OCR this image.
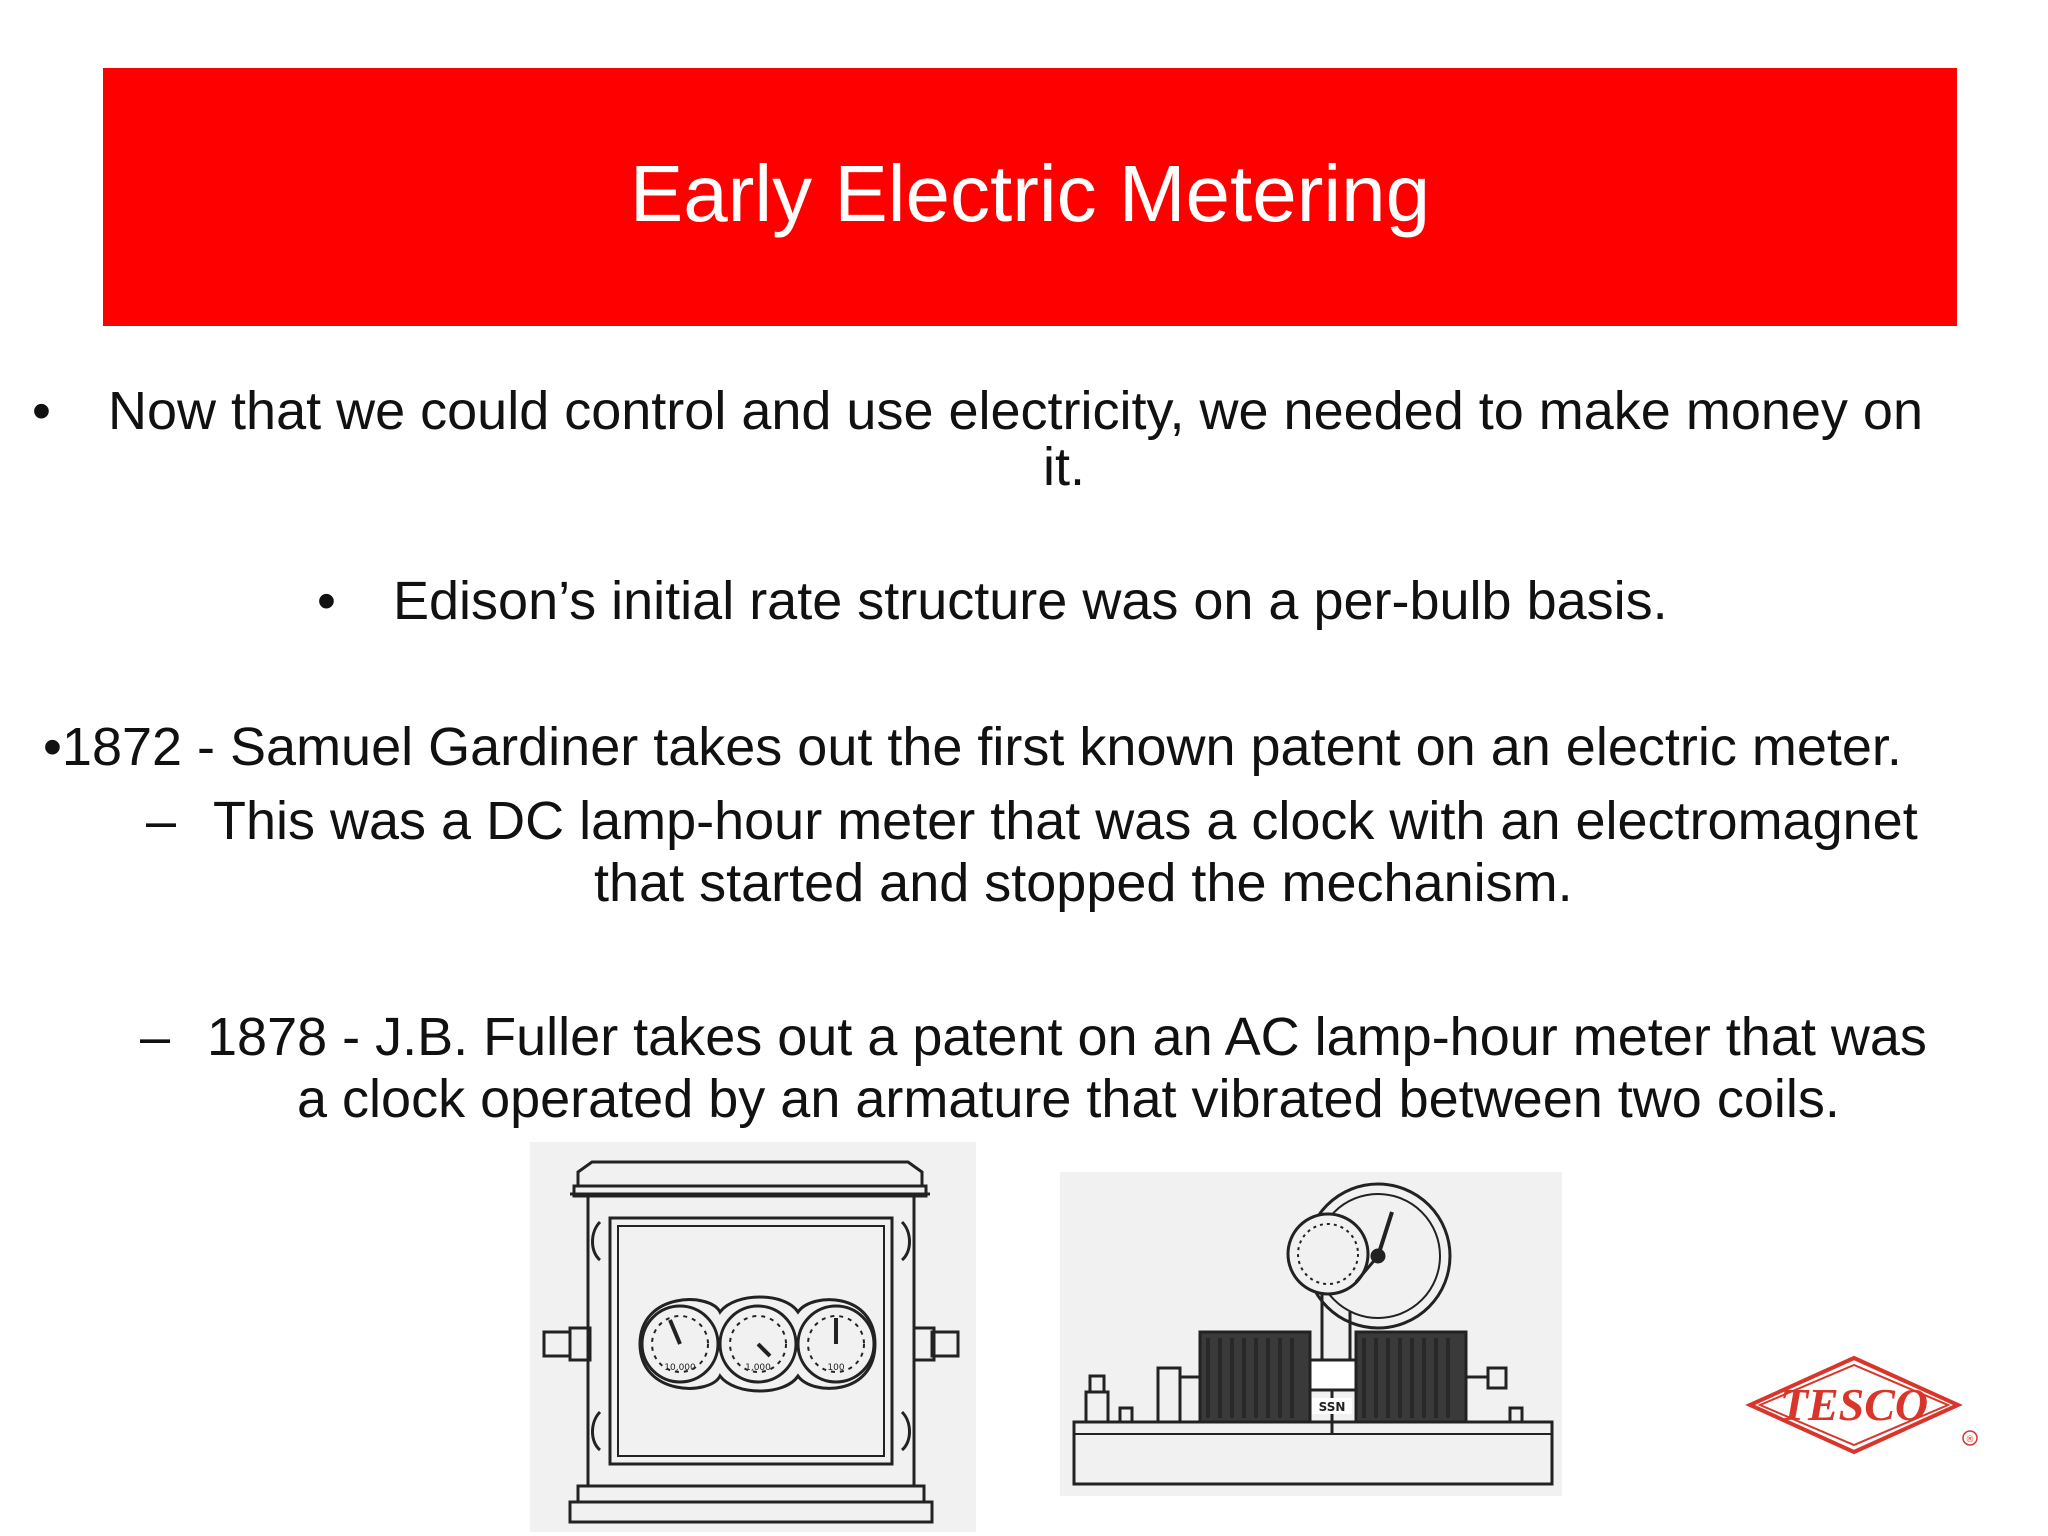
Early Electric Metering
• Now that we could control and use electricity, we needed to make money on
it.
• Edison’s initial rate structure was on a per-bulb basis.
•1872 - Samuel Gardiner takes out the first known patent on an electric meter.
– This was a DC lamp-hour meter that was a clock with an electromagnet
that started and stopped the mechanism.
– 1878 - J.B. Fuller takes out a patent on an AC lamp-hour meter that was
a clock operated by an armature that vibrated between two coils.
10,000	1,000	100
SSN	TESCO
®
